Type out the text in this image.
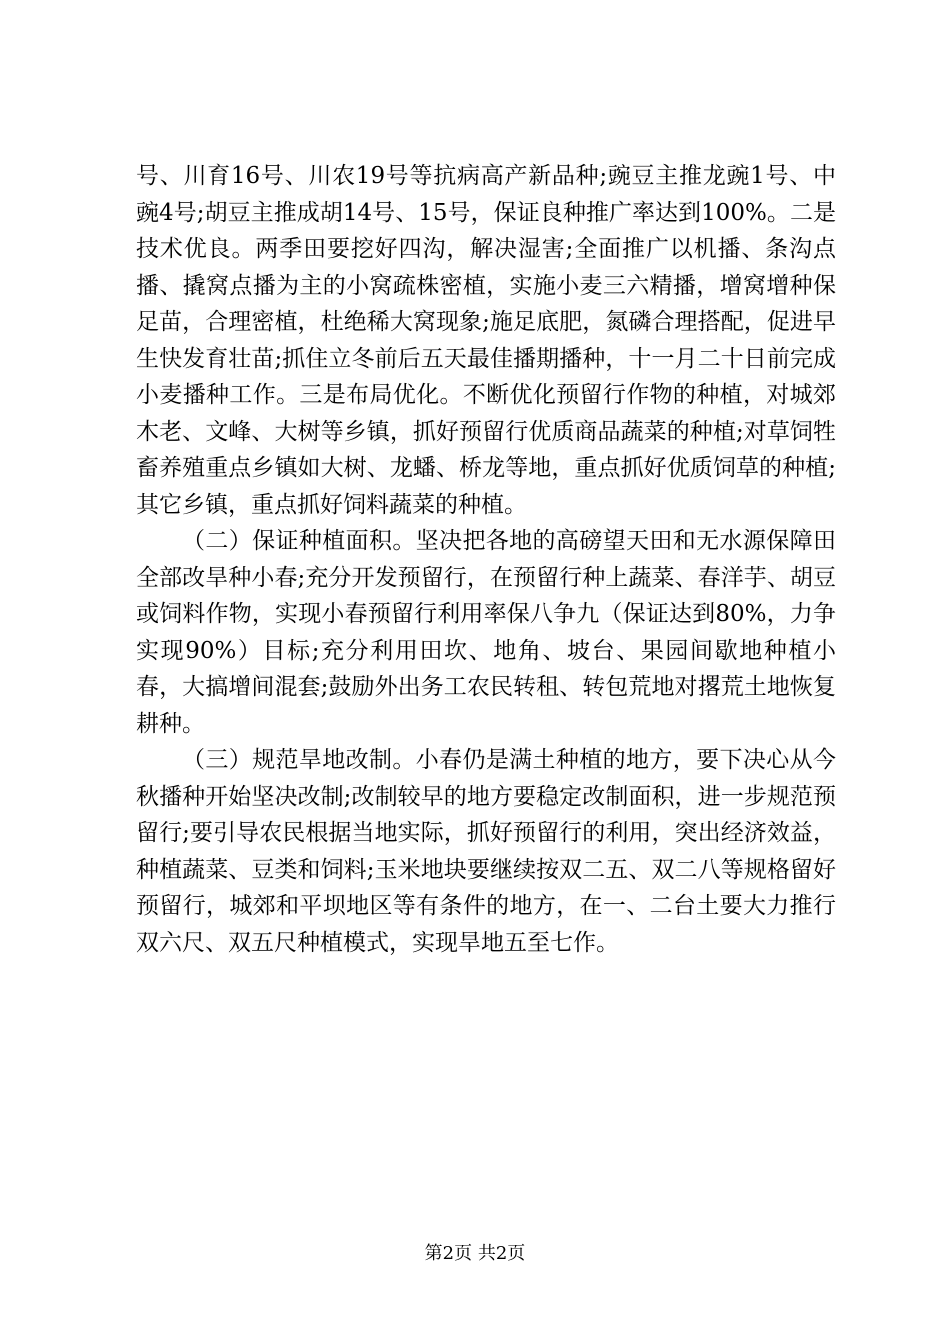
号、川育16号、川农19号等抗病高产新品种;豌豆主推龙豌1号、中豌4号;胡豆主推成胡14号、15号，保证良种推广率达到100%。二是技术优良。两季田要挖好四沟，解决湿害;全面推广以机播、条沟点播、撬窝点播为主的小窝疏株密植，实施小麦三六精播，增窝增种保足苗，合理密植，杜绝稀大窝现象;施足底肥，氮磷合理搭配，促进早生快发育壮苗;抓住立冬前后五天最佳播期播种，十一月二十日前完成小麦播种工作。三是布局优化。不断优化预留行作物的种植，对城郊木老、文峰、大树等乡镇，抓好预留行优质商品蔬菜的种植;对草饲牲畜养殖重点乡镇如大树、龙蟠、桥龙等地，重点抓好优质饲草的种植;其它乡镇，重点抓好饲料蔬菜的种植。

（二）保证种植面积。坚决把各地的高磅望天田和无水源保障田全部改旱种小春;充分开发预留行，在预留行种上蔬菜、春洋芋、胡豆或饲料作物，实现小春预留行利用率保八争九（保证达到80%，力争实现90%）目标;充分利用田坎、地角、坡台、果园间歇地种植小春，大搞增间混套;鼓励外出务工农民转租、转包荒地对撂荒土地恢复耕种。

（三）规范旱地改制。小春仍是满土种植的地方，要下决心从今秋播种开始坚决改制;改制较早的地方要稳定改制面积，进一步规范预留行;要引导农民根据当地实际，抓好预留行的利用，突出经济效益，种植蔬菜、豆类和饲料;玉米地块要继续按双二五、双二八等规格留好预留行，城郊和平坝地区等有条件的地方，在一、二台土要大力推行双六尺、双五尺种植模式，实现旱地五至七作。

第2页 共2页
